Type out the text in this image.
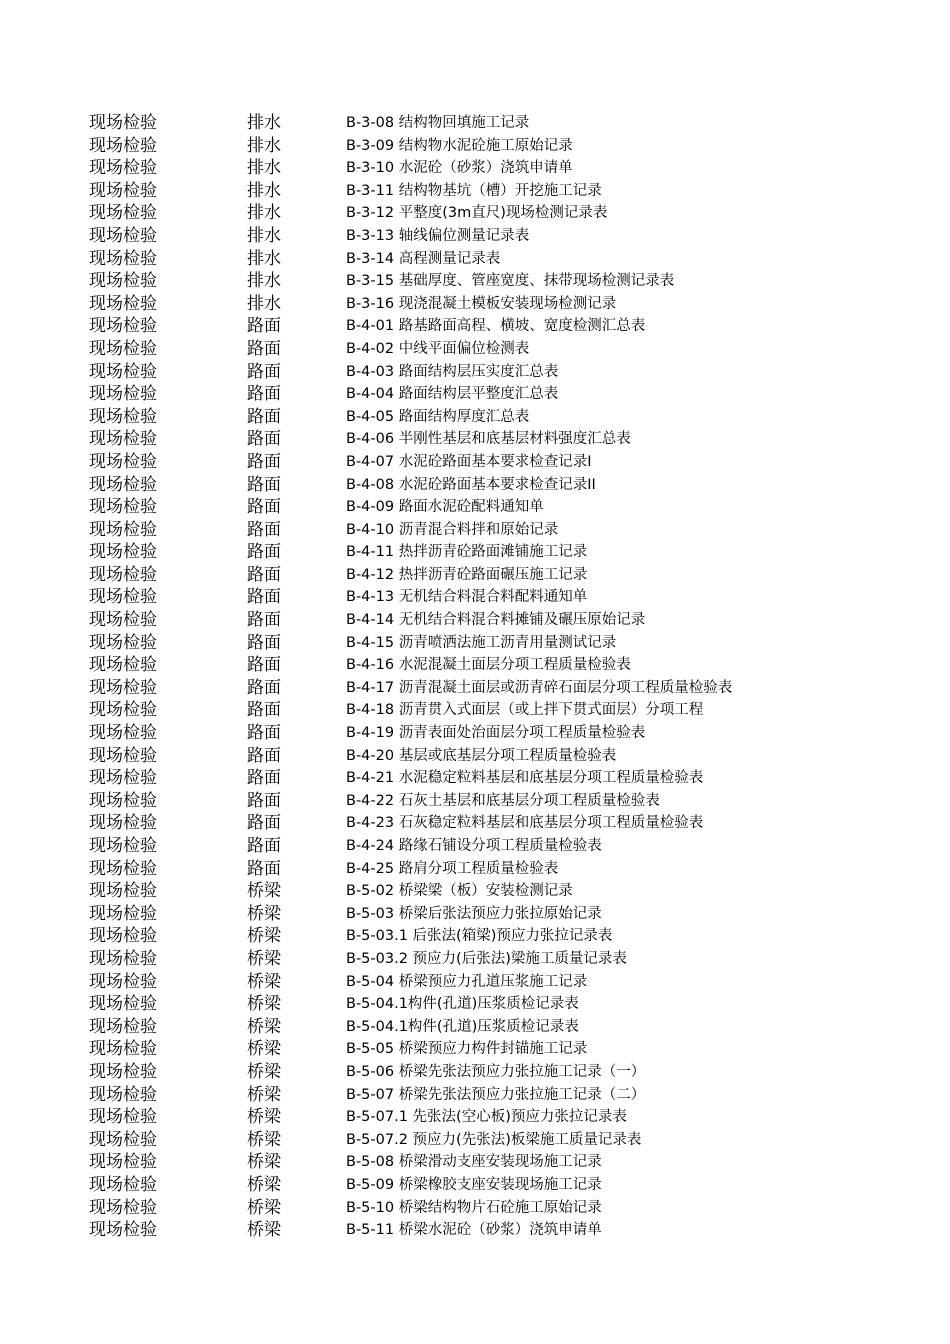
现场检验	排水	B-3-08 结构物回填施工记录
现场检验	排水	B-3-09 结构物水泥砼施工原始记录
现场检验	排水	B-3-10 水泥砼（砂浆）浇筑申请单
现场检验	排水	B-3-11 结构物基坑（槽）开挖施工记录
现场检验	排水	B-3-12 平整度(3m直尺)现场检测记录表
现场检验	排水	B-3-13 轴线偏位测量记录表
现场检验	排水	B-3-14 高程测量记录表
现场检验	排水	B-3-15 基础厚度、管座宽度、抹带现场检测记录表
现场检验	排水	B-3-16 现浇混凝土模板安装现场检测记录
现场检验	路面	B-4-01 路基路面高程、横坡、宽度检测汇总表
现场检验	路面	B-4-02 中线平面偏位检测表
现场检验	路面	B-4-03 路面结构层压实度汇总表
现场检验	路面	B-4-04 路面结构层平整度汇总表
现场检验	路面	B-4-05 路面结构厚度汇总表
现场检验	路面	B-4-06 半刚性基层和底基层材料强度汇总表
现场检验	路面	B-4-07 水泥砼路面基本要求检查记录I
现场检验	路面	B-4-08 水泥砼路面基本要求检查记录II
现场检验	路面	B-4-09 路面水泥砼配料通知单
现场检验	路面	B-4-10 沥青混合料拌和原始记录
现场检验	路面	B-4-11 热拌沥青砼路面滩铺施工记录
现场检验	路面	B-4-12 热拌沥青砼路面碾压施工记录
现场检验	路面	B-4-13 无机结合料混合料配料通知单
现场检验	路面	B-4-14 无机结合料混合料摊铺及碾压原始记录
现场检验	路面	B-4-15 沥青喷洒法施工沥青用量测试记录
现场检验	路面	B-4-16 水泥混凝土面层分项工程质量检验表
现场检验	路面	B-4-17 沥青混凝土面层或沥青碎石面层分项工程质量检验表
现场检验	路面	B-4-18 沥青贯入式面层（或上拌下贯式面层）分项工程
现场检验	路面	B-4-19 沥青表面处治面层分项工程质量检验表
现场检验	路面	B-4-20 基层或底基层分项工程质量检验表
现场检验	路面	B-4-21 水泥稳定粒料基层和底基层分项工程质量检验表
现场检验	路面	B-4-22 石灰土基层和底基层分项工程质量检验表
现场检验	路面	B-4-23 石灰稳定粒料基层和底基层分项工程质量检验表
现场检验	路面	B-4-24 路缘石铺设分项工程质量检验表
现场检验	路面	B-4-25 路肩分项工程质量检验表
现场检验	桥梁	B-5-02 桥梁梁（板）安装检测记录
现场检验	桥梁	B-5-03 桥梁后张法预应力张拉原始记录
现场检验	桥梁	B-5-03.1 后张法(箱梁)预应力张拉记录表
现场检验	桥梁	B-5-03.2 预应力(后张法)梁施工质量记录表
现场检验	桥梁	B-5-04 桥梁预应力孔道压浆施工记录
现场检验	桥梁	B-5-04.1构件(孔道)压浆质检记录表
现场检验	桥梁	B-5-04.1构件(孔道)压浆质检记录表
现场检验	桥梁	B-5-05 桥梁预应力构件封锚施工记录
现场检验	桥梁	B-5-06 桥梁先张法预应力张拉施工记录（一）
现场检验	桥梁	B-5-07 桥梁先张法预应力张拉施工记录（二）
现场检验	桥梁	B-5-07.1 先张法(空心板)预应力张拉记录表
现场检验	桥梁	B-5-07.2 预应力(先张法)板梁施工质量记录表
现场检验	桥梁	B-5-08 桥梁滑动支座安装现场施工记录
现场检验	桥梁	B-5-09 桥梁橡胶支座安装现场施工记录
现场检验	桥梁	B-5-10 桥梁结构物片石砼施工原始记录
现场检验	桥梁	B-5-11 桥梁水泥砼（砂浆）浇筑申请单
